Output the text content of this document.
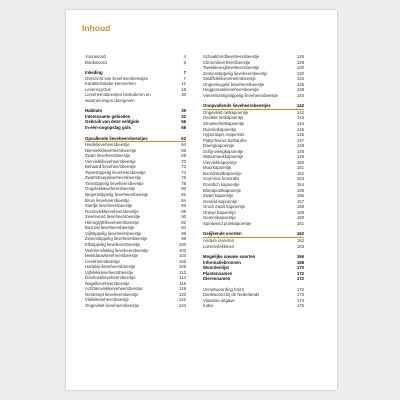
Inhoud
Voorwoord	4
Dankwoord	6
Inleiding	7
Overzicht van lieveheersbeestjes	7
Karakteristieke kenmerken	11
Levenscyclus	15
Lieveheersbeestjes bestuderen en waarnemingen doorgeven
30
Habitats	36
Interessante gebieden	42
Gebruik van deze veldgids	56
In-één-oogopslag gids	58
Opvallende lieveheersbeestjes	63
Heidelieveheersbeestje	64
Nierviekklieveheersbeestje	66
Zwart lieveheersbeestje	68
Vierviekklieveheersbeestje	70
Behaard lieveheersbeestje	72
Tweestippelig lieveheersbeestje	74
Zwartstreeplieveheersbeestje	76
Tienstippelig lieveheersbeestje	78
Oogvlekkieveheersbeestje	80
Negenstippelig lieveheersbeestje	82
Bruin lieveheersbeestje	84
Sierlijk lieveheersbeestje	86
Roomvlekkieveheersbeestje	88
Zeeërvend lieveheersbeestje	90
Hiëroglyphlieveheersbeestje	92
Bosmierlieveheersbeestje	94
Vijfstippelig lieveheersbeestje	96
Zevenstippelig lieveheersbeestje	98
Elfstippelig lieveheersbeestje	100
Veertienvlekkig lieveheersbeestje	102
Meeldauwlieveheersbeestje	104
Lieveheersbeestje	106
Harlekijnlieveheersbeestje	109
Vijfvlekkieveheersbeestje	112
Driehoeklieveheersbeestje	114
Nagellieveheersbeestje	116
Achttienvlekkieveheersbeestje	118
Gestreept lieveheersbeestje	120
Vlekklieveheersbeestje	122
Ongevlekt lieveheersbeestje	124
Schaakbordlieveheersbeestje	126
Citroenlieveheersbeestje	128
Tweekleuriglieveheersbeestje	130
Zestienstippelig lieveheersbeestje	132
Swaffvlekkieveheersbeestje	134
Ongevleugeld lieveheersbeestje	136
Heggenrankieveheersbeestje	138
Vierentwintigstippelig lieveheersbeestje	140
Onopvallende lieveheersbeestjes	142
Ongevlekt rietkapoentje	142
Gevlekt rietkapoentje	143
Struweelrietkapoentje	144
Duinrietkapoentje	145
Hyperaspis reppensis	146
Platycheirus buthanthe	147
Dwergkapoentje	148
Schijnviekgkapoentje	148
Watermeekkapoentje	149
Vierviekkapoentje	150
Muurkapoentje	151
Boordrandkapoentje	152
Scymnus femoralis	153
Rossbch kapoentje	154
Bloedpuntkapoentje	155
Zwart kapoentje	156
Gerand kapoentje	157
Groot zwart kapoentje	158
Oranje kapoentje	159
Gemenkapoentje	160
Spinlwend puntkapoentje	161
Gelijkende soorten	162
Andere insecten	162
Larvenvlekkmen	163
Mogelijke nieuwe soorten	166
Informatiebronnen	168
Woordenlijst	170
Plantennamen	172
Dierennamen	172
Verantwoording foto's	172
Dankwoord bij de Nederlands	173
Vlaamse uitgave	174
Index	175
